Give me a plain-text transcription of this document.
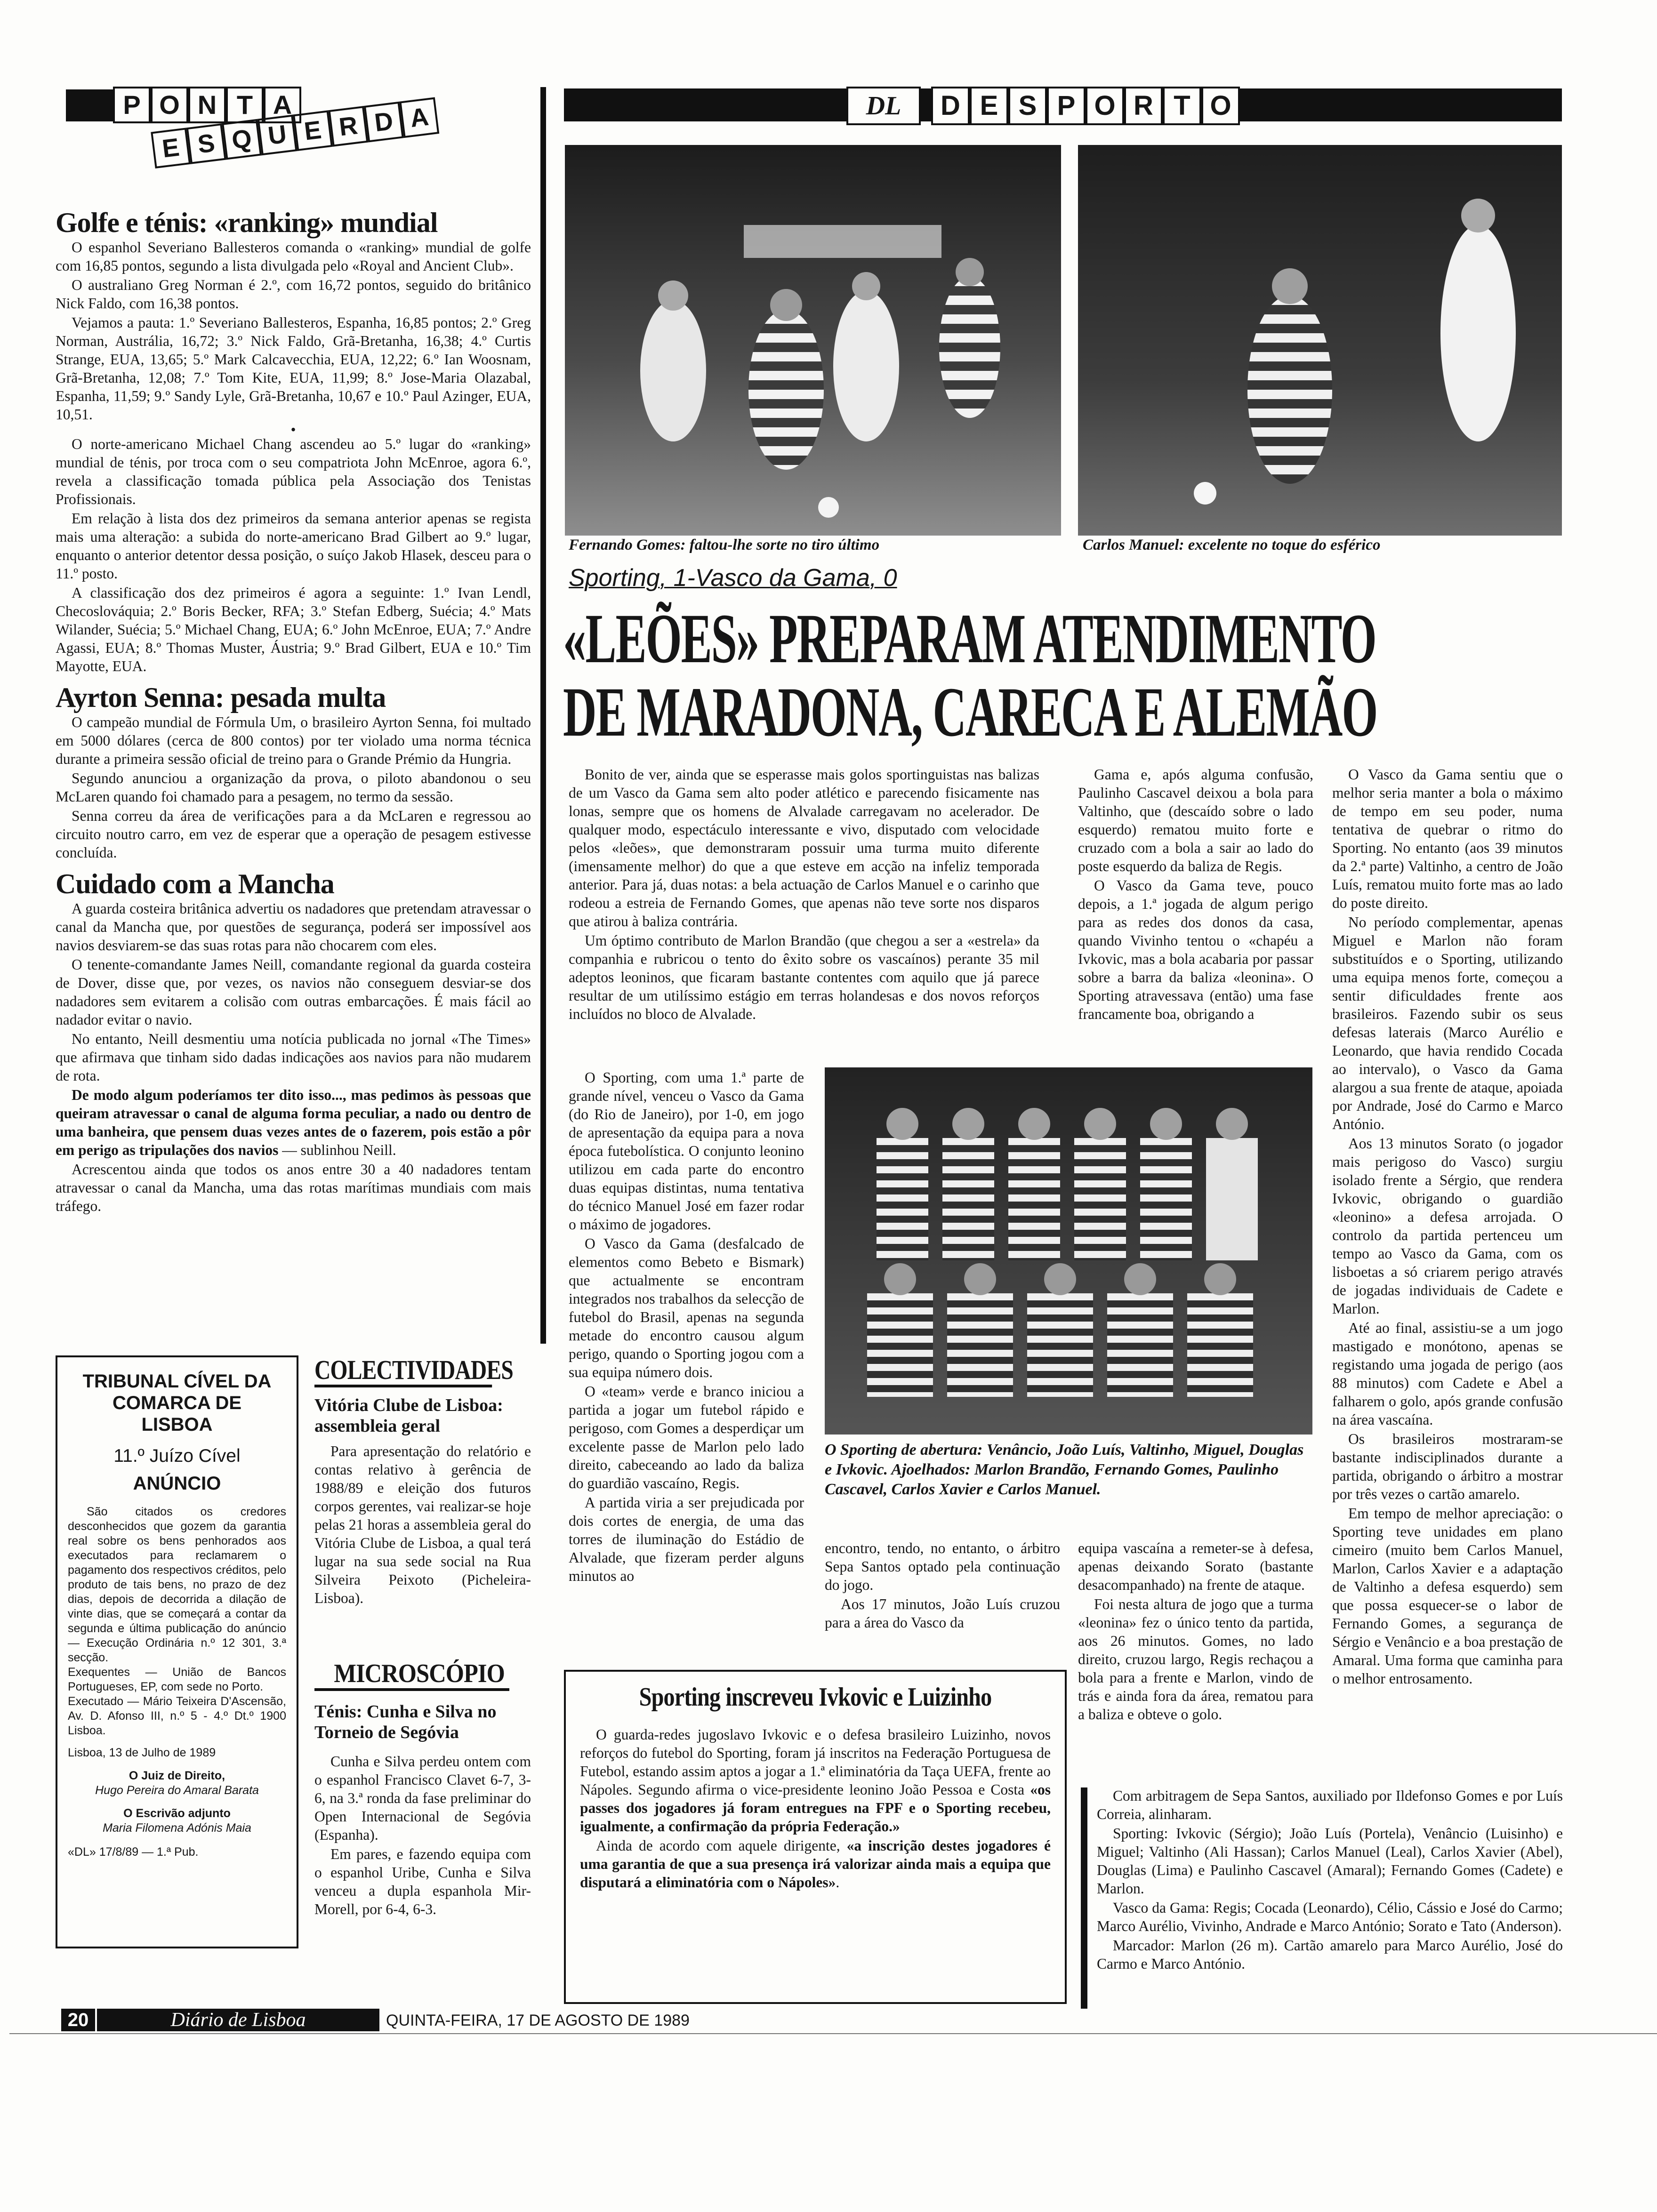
P O N T A
E S Q U E R D A
Golfe e ténis: «ranking» mundial

O espanhol Severiano Ballesteros comanda o «ranking» mundial de golfe com 16,85 pontos, segundo a lista divulgada pelo «Royal and Ancient Club».

O australiano Greg Norman é 2.º, com 16,72 pontos, seguido do britânico Nick Faldo, com 16,38 pontos.

Vejamos a pauta: 1.º Severiano Ballesteros, Espanha, 16,85 pontos; 2.º Greg Norman, Austrália, 16,72; 3.º Nick Faldo, Grã-Bretanha, 16,38; 4.º Curtis Strange, EUA, 13,65; 5.º Mark Calcavecchia, EUA, 12,22; 6.º Ian Woosnam, Grã-Bretanha, 12,08; 7.º Tom Kite, EUA, 11,99; 8.º Jose-Maria Olazabal, Espanha, 11,59; 9.º Sandy Lyle, Grã-Bretanha, 10,67 e 10.º Paul Azinger, EUA, 10,51.

•

O norte-americano Michael Chang ascendeu ao 5.º lugar do «ranking» mundial de ténis, por troca com o seu compatriota John McEnroe, agora 6.º, revela a classificação tomada pública pela Associação dos Tenistas Profissionais.

Em relação à lista dos dez primeiros da semana anterior apenas se regista mais uma alteração: a subida do norte-americano Brad Gilbert ao 9.º lugar, enquanto o anterior detentor dessa posição, o suíço Jakob Hlasek, desceu para o 11.º posto.

A classificação dos dez primeiros é agora a seguinte: 1.º Ivan Lendl, Checoslováquia; 2.º Boris Becker, RFA; 3.º Stefan Edberg, Suécia; 4.º Mats Wilander, Suécia; 5.º Michael Chang, EUA; 6.º John McEnroe, EUA; 7.º Andre Agassi, EUA; 8.º Thomas Muster, Áustria; 9.º Brad Gilbert, EUA e 10.º Tim Mayotte, EUA.

Ayrton Senna: pesada multa

O campeão mundial de Fórmula Um, o brasileiro Ayrton Senna, foi multado em 5000 dólares (cerca de 800 contos) por ter violado uma norma técnica durante a primeira sessão oficial de treino para o Grande Prémio da Hungria.

Segundo anunciou a organização da prova, o piloto abandonou o seu McLaren quando foi chamado para a pesagem, no termo da sessão.

Senna correu da área de verificações para a da McLaren e regressou ao circuito noutro carro, em vez de esperar que a operação de pesagem estivesse concluída.

Cuidado com a Mancha

A guarda costeira britânica advertiu os nadadores que pretendam atravessar o canal da Mancha que, por questões de segurança, poderá ser impossível aos navios desviarem-se das suas rotas para não chocarem com eles.

O tenente-comandante James Neill, comandante regional da guarda costeira de Dover, disse que, por vezes, os navios não conseguem desviar-se dos nadadores sem evitarem a colisão com outras embarcações. É mais fácil ao nadador evitar o navio.

No entanto, Neill desmentiu uma notícia publicada no jornal «The Times» que afirmava que tinham sido dadas indicações aos navios para não mudarem de rota.

De modo algum poderíamos ter dito isso..., mas pedimos às pessoas que queiram atravessar o canal de alguma forma peculiar, a nado ou dentro de uma banheira, que pensem duas vezes antes de o fazerem, pois estão a pôr em perigo as tripulações dos navios — sublinhou Neill.

Acrescentou ainda que todos os anos entre 30 a 40 nadadores tentam atravessar o canal da Mancha, uma das rotas marítimas mundiais com mais tráfego.

TRIBUNAL CÍVEL DA COMARCA DE LISBOA
11.º Juízo Cível
ANÚNCIO
São citados os credores desconhecidos que gozem da garantia real sobre os bens penhorados aos executados para reclamarem o pagamento dos respectivos créditos, pelo produto de tais bens, no prazo de dez dias, depois de decorrida a dilação de vinte dias, que se começará a contar da segunda e última publicação do anúncio — Execução Ordinária n.º 12 301, 3.ª secção.
Exequentes — União de Bancos Portugueses, EP, com sede no Porto.
Executado — Mário Teixeira D'Ascensão, Av. D. Afonso III, n.º 5 - 4.º Dt.º 1900 Lisboa.
Lisboa, 13 de Julho de 1989
O Juiz de Direito,
Hugo Pereira do Amaral Barata
O Escrivão adjunto
Maria Filomena Adónis Maia
«DL» 17/8/89 — 1.ª Pub.
COLECTIVIDADES
Vitória Clube de Lisboa: assembleia geral

Para apresentação do relatório e contas relativo à gerência de 1988/89 e eleição dos futuros corpos gerentes, vai realizar-se hoje pelas 21 horas a assembleia geral do Vitória Clube de Lisboa, a qual terá lugar na sua sede social na Rua Silveira Peixoto (Picheleira-Lisboa).

MICROSCÓPIO
Ténis: Cunha e Silva no Torneio de Segóvia

Cunha e Silva perdeu ontem com o espanhol Francisco Clavet 6-7, 3-6, na 3.ª ronda da fase preliminar do Open Internacional de Segóvia (Espanha).

Em pares, e fazendo equipa com o espanhol Uribe, Cunha e Silva venceu a dupla espanhola Mir-Morell, por 6-4, 6-3.

DL	D E S P O R T O
Fernando Gomes: faltou-lhe sorte no tiro último	Carlos Manuel: excelente no toque do esférico
Sporting, 1-Vasco da Gama, 0
«LEÕES» PREPARAM ATENDIMENTO
DE MARADONA, CARECA E ALEMÃO

Bonito de ver, ainda que se esperasse mais golos sportinguistas nas balizas de um Vasco da Gama sem alto poder atlético e parecendo fisicamente nas lonas, sempre que os homens de Alvalade carregavam no acelerador. De qualquer modo, espectáculo interessante e vivo, disputado com velocidade pelos «leões», que demonstraram possuir uma turma muito diferente (imensamente melhor) do que a que esteve em acção na infeliz temporada anterior. Para já, duas notas: a bela actuação de Carlos Manuel e o carinho que rodeou a estreia de Fernando Gomes, que apenas não teve sorte nos disparos que atirou à baliza contrária.

Um óptimo contributo de Marlon Brandão (que chegou a ser a «estrela» da companhia e rubricou o tento do êxito sobre os vascaínos) perante 35 mil adeptos leoninos, que ficaram bastante contentes com aquilo que já parece resultar de um utilíssimo estágio em terras holandesas e dos novos reforços incluídos no bloco de Alvalade.

O Sporting, com uma 1.ª parte de grande nível, venceu o Vasco da Gama (do Rio de Janeiro), por 1-0, em jogo de apresentação da equipa para a nova época futebolística. O conjunto leonino utilizou em cada parte do encontro duas equipas distintas, numa tentativa do técnico Manuel José em fazer rodar o máximo de jogadores.

O Vasco da Gama (desfalcado de elementos como Bebeto e Bismark) que actualmente se encontram integrados nos trabalhos da selecção de futebol do Brasil, apenas na segunda metade do encontro causou algum perigo, quando o Sporting jogou com a sua equipa número dois.

O «team» verde e branco iniciou a partida a jogar um futebol rápido e perigoso, com Gomes a desperdiçar um excelente passe de Marlon pelo lado direito, cabeceando ao lado da baliza do guardião vascaíno, Regis.

A partida viria a ser prejudicada por dois cortes de energia, de uma das torres de iluminação do Estádio de Alvalade, que fizeram perder alguns minutos ao

Gama e, após alguma confusão, Paulinho Cascavel deixou a bola para Valtinho, que (descaído sobre o lado esquerdo) rematou muito forte e cruzado com a bola a sair ao lado do poste esquerdo da baliza de Regis.

O Vasco da Gama teve, pouco depois, a 1.ª jogada de algum perigo para as redes dos donos da casa, quando Vivinho tentou o «chapéu a Ivkovic, mas a bola acabaria por passar sobre a barra da baliza «leonina». O Sporting atravessava (então) uma fase francamente boa, obrigando a

O Sporting de abertura: Venâncio, João Luís, Valtinho, Miguel, Douglas e Ivkovic. Ajoelhados: Marlon Brandão, Fernando Gomes, Paulinho Cascavel, Carlos Xavier e Carlos Manuel.

encontro, tendo, no entanto, o árbitro Sepa Santos optado pela continuação do jogo.

Aos 17 minutos, João Luís cruzou para a área do Vasco da

equipa vascaína a remeter-se à defesa, apenas deixando Sorato (bastante desacompanhado) na frente de ataque.

Foi nesta altura de jogo que a turma «leonina» fez o único tento da partida, aos 26 minutos. Gomes, no lado direito, cruzou largo, Regis rechaçou a bola para a frente e Marlon, vindo de trás e ainda fora da área, rematou para a baliza e obteve o golo.

O Vasco da Gama sentiu que o melhor seria manter a bola o máximo de tempo em seu poder, numa tentativa de quebrar o ritmo do Sporting. No entanto (aos 39 minutos da 2.ª parte) Valtinho, a centro de João Luís, rematou muito forte mas ao lado do poste direito.

No período complementar, apenas Miguel e Marlon não foram substituídos e o Sporting, utilizando uma equipa menos forte, começou a sentir dificuldades frente aos brasileiros. Fazendo subir os seus defesas laterais (Marco Aurélio e Leonardo, que havia rendido Cocada ao intervalo), o Vasco da Gama alargou a sua frente de ataque, apoiada por Andrade, José do Carmo e Marco António.

Aos 13 minutos Sorato (o jogador mais perigoso do Vasco) surgiu isolado frente a Sérgio, que rendera Ivkovic, obrigando o guardião «leonino» a defesa arrojada. O controlo da partida pertenceu um tempo ao Vasco da Gama, com os lisboetas a só criarem perigo através de jogadas individuais de Cadete e Marlon.

Até ao final, assistiu-se a um jogo mastigado e monótono, apenas se registando uma jogada de perigo (aos 88 minutos) com Cadete e Abel a falharem o golo, após grande confusão na área vascaína.

Os brasileiros mostraram-se bastante indisciplinados durante a partida, obrigando o árbitro a mostrar por três vezes o cartão amarelo.

Em tempo de melhor apreciação: o Sporting teve unidades em plano cimeiro (muito bem Carlos Manuel, Marlon, Carlos Xavier e a adaptação de Valtinho a defesa esquerdo) sem que possa esquecer-se o labor de Fernando Gomes, a segurança de Sérgio e Venâncio e a boa prestação de Amaral. Uma forma que caminha para o melhor entrosamento.

Com arbitragem de Sepa Santos, auxiliado por Ildefonso Gomes e por Luís Correia, alinharam.

Sporting: Ivkovic (Sérgio); João Luís (Portela), Venâncio (Luisinho) e Miguel; Valtinho (Ali Hassan); Carlos Manuel (Leal), Carlos Xavier (Abel), Douglas (Lima) e Paulinho Cascavel (Amaral); Fernando Gomes (Cadete) e Marlon.

Vasco da Gama: Regis; Cocada (Leonardo), Célio, Cássio e José do Carmo; Marco Aurélio, Vivinho, Andrade e Marco António; Sorato e Tato (Anderson).

Marcador: Marlon (26 m). Cartão amarelo para Marco Aurélio, José do Carmo e Marco António.

Sporting inscreveu Ivkovic e Luizinho

O guarda-redes jugoslavo Ivkovic e o defesa brasileiro Luizinho, novos reforços do futebol do Sporting, foram já inscritos na Federação Portuguesa de Futebol, estando assim aptos a jogar a 1.ª eliminatória da Taça UEFA, frente ao Nápoles. Segundo afirma o vice-presidente leonino João Pessoa e Costa «os passes dos jogadores já foram entregues na FPF e o Sporting recebeu, igualmente, a confirmação da própria Federação.»

Ainda de acordo com aquele dirigente, «a inscrição destes jogadores é uma garantia de que a sua presença irá valorizar ainda mais a equipa que disputará a eliminatória com o Nápoles».

20	Diário de Lisboa	QUINTA-FEIRA, 17 DE AGOSTO DE 1989
